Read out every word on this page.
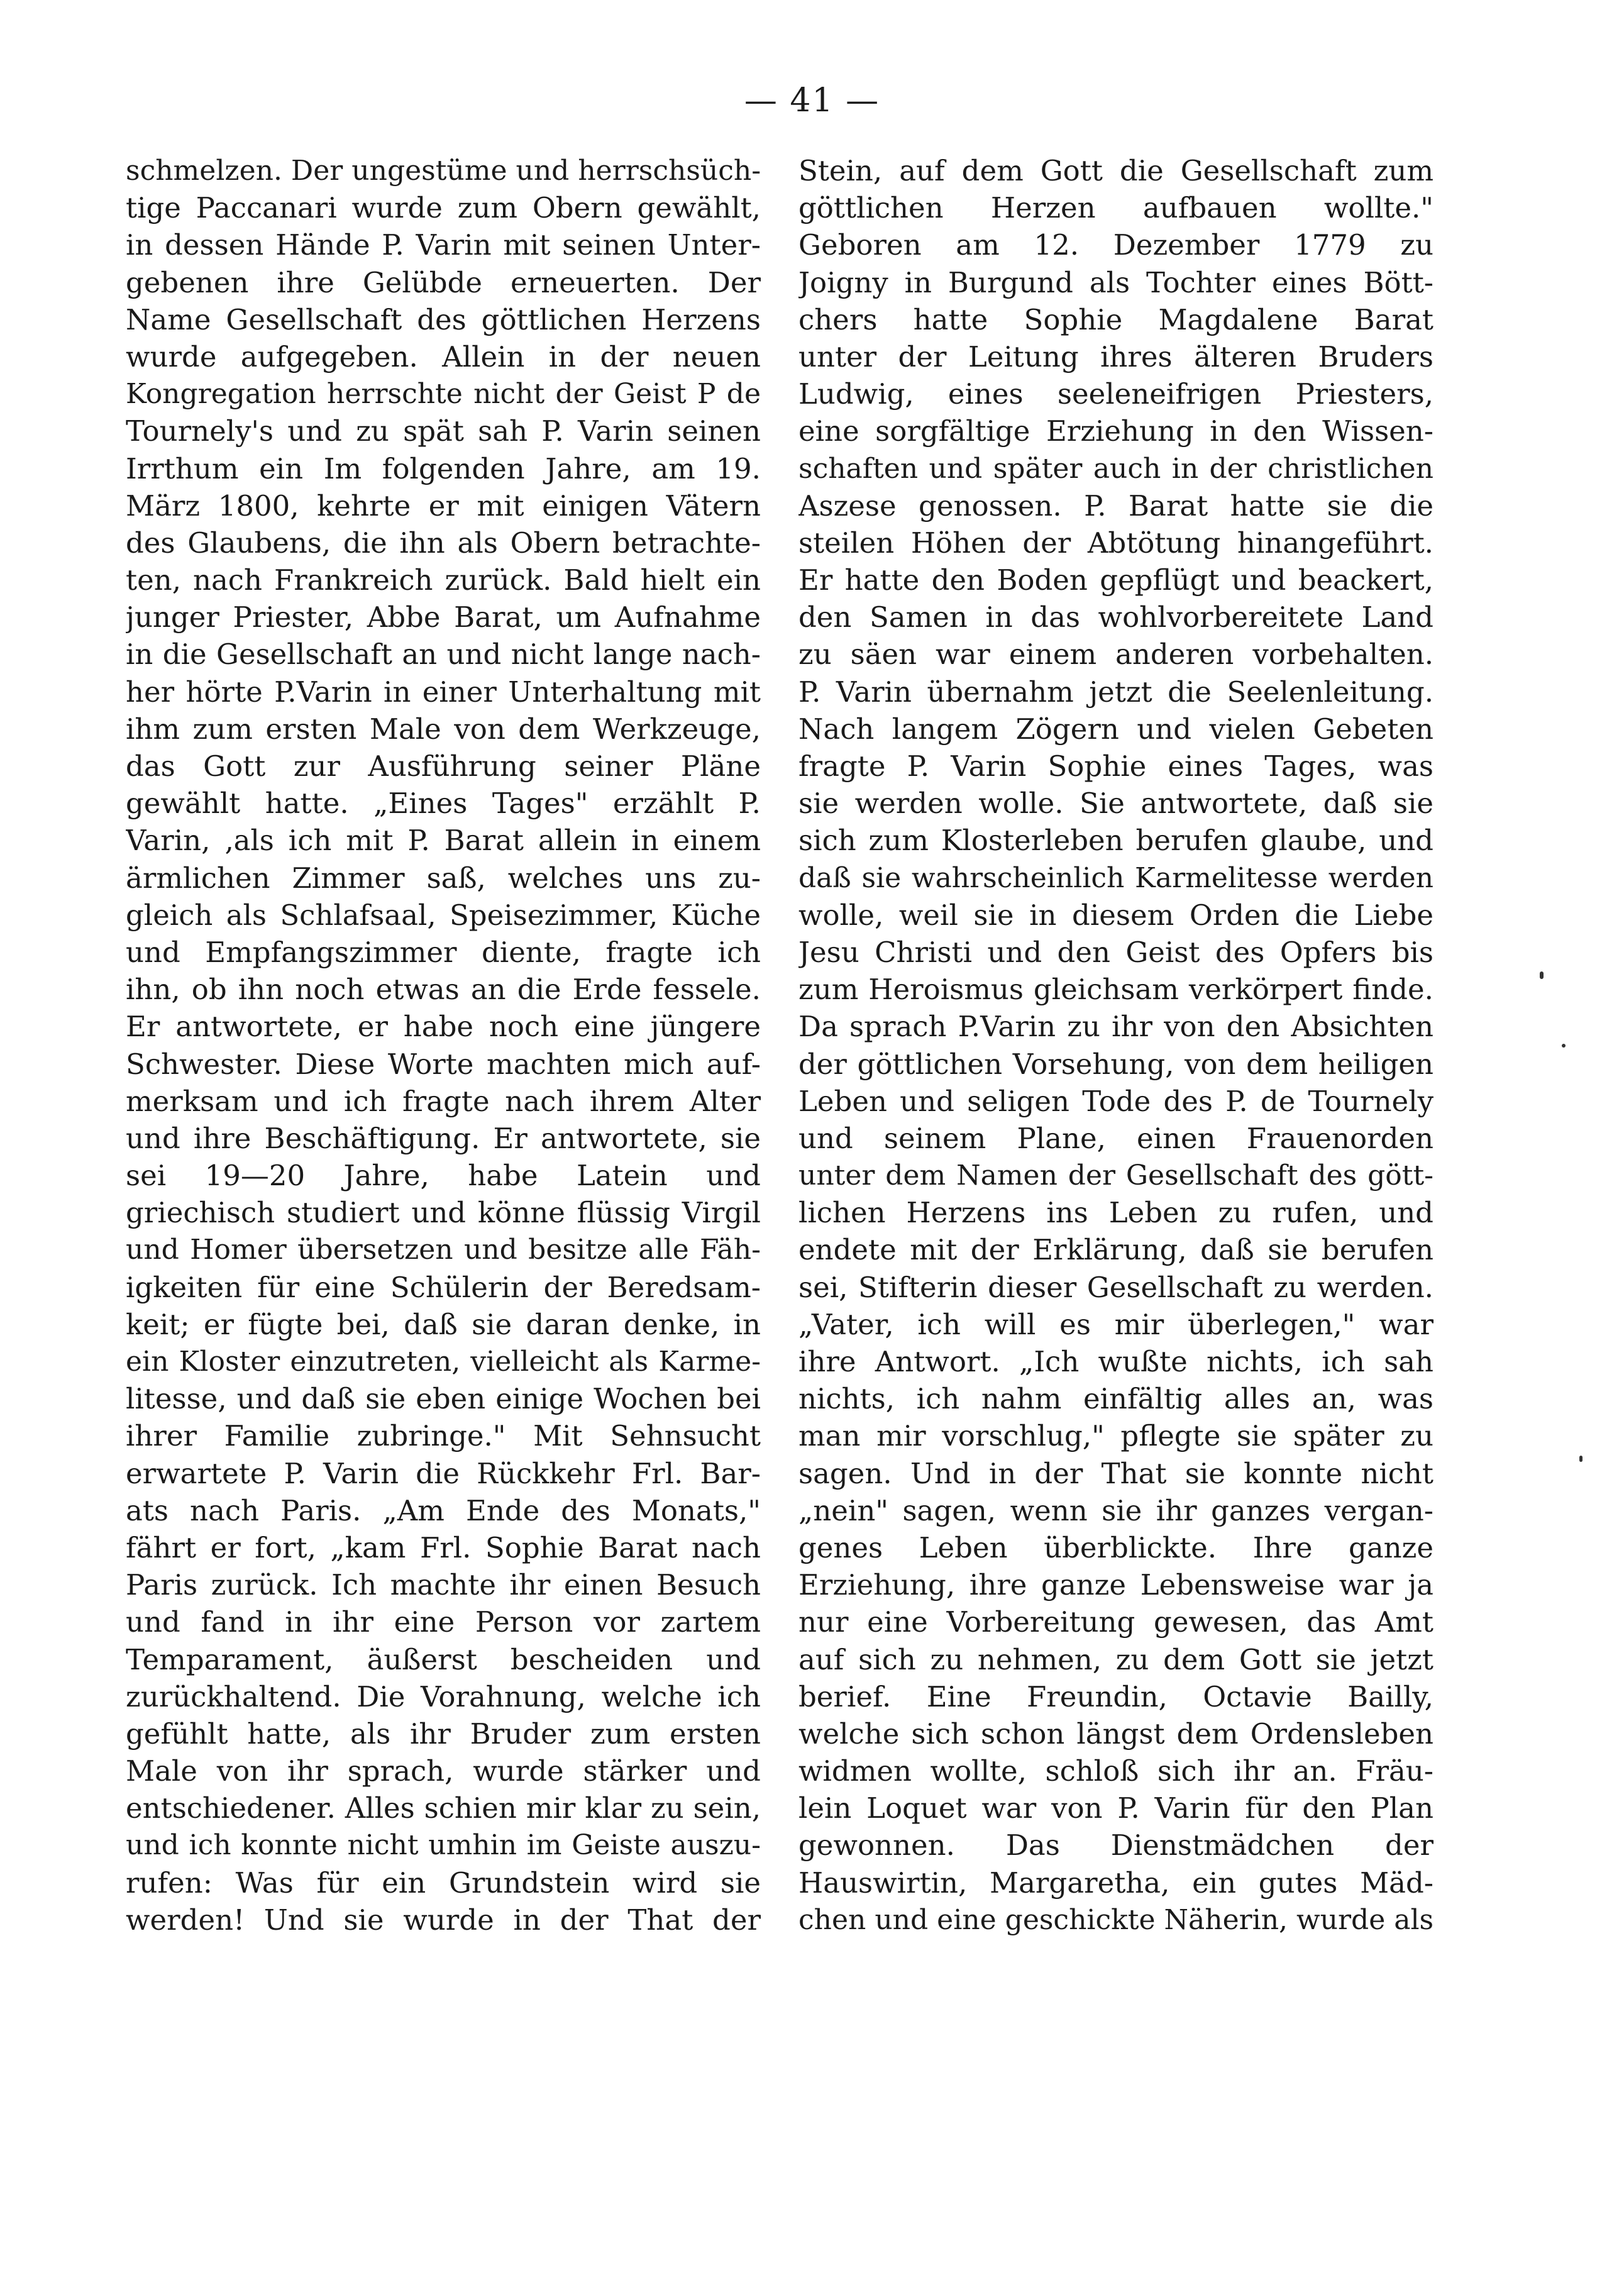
— 41 —
schmelzen. Der ungestüme und herrschsüch-
tige Paccanari wurde zum Obern gewählt,
in dessen Hände P. Varin mit seinen Unter-
gebenen ihre Gelübde erneuerten. Der
Name Gesellschaft des göttlichen Herzens
wurde aufgegeben. Allein in der neuen
Kongregation herrschte nicht der Geist P de
Tournely's und zu spät sah P. Varin seinen
Irrthum ein Im folgenden Jahre, am 19.
März 1800, kehrte er mit einigen Vätern
des Glaubens, die ihn als Obern betrachte-
ten, nach Frankreich zurück. Bald hielt ein
junger Priester, Abbe Barat, um Aufnahme
in die Gesellschaft an und nicht lange nach-
her hörte P.Varin in einer Unterhaltung mit
ihm zum ersten Male von dem Werkzeuge,
das Gott zur Ausführung seiner Pläne
gewählt hatte. „Eines Tages" erzählt P.
Varin, ‚als ich mit P. Barat allein in einem
ärmlichen Zimmer saß, welches uns zu-
gleich als Schlafsaal, Speisezimmer, Küche
und Empfangszimmer diente, fragte ich
ihn, ob ihn noch etwas an die Erde fessele.
Er antwortete, er habe noch eine jüngere
Schwester. Diese Worte machten mich auf-
merksam und ich fragte nach ihrem Alter
und ihre Beschäftigung. Er antwortete, sie
sei 19—20 Jahre, habe Latein und
griechisch studiert und könne flüssig Virgil
und Homer übersetzen und besitze alle Fäh-
igkeiten für eine Schülerin der Beredsam-
keit; er fügte bei, daß sie daran denke, in
ein Kloster einzutreten, vielleicht als Karme-
litesse, und daß sie eben einige Wochen bei
ihrer Familie zubringe." Mit Sehnsucht
erwartete P. Varin die Rückkehr Frl. Bar-
ats nach Paris. „Am Ende des Monats,"
fährt er fort, „kam Frl. Sophie Barat nach
Paris zurück. Ich machte ihr einen Besuch
und fand in ihr eine Person vor zartem
Temparament, äußerst bescheiden und
zurückhaltend. Die Vorahnung, welche ich
gefühlt hatte, als ihr Bruder zum ersten
Male von ihr sprach, wurde stärker und
entschiedener. Alles schien mir klar zu sein,
und ich konnte nicht umhin im Geiste auszu-
rufen: Was für ein Grundstein wird sie
werden! Und sie wurde in der That der
Stein, auf dem Gott die Gesellschaft zum
göttlichen Herzen aufbauen wollte."
Geboren am 12. Dezember 1779 zu
Joigny in Burgund als Tochter eines Bött-
chers hatte Sophie Magdalene Barat
unter der Leitung ihres älteren Bruders
Ludwig, eines seeleneifrigen Priesters,
eine sorgfältige Erziehung in den Wissen-
schaften und später auch in der christlichen
Aszese genossen. P. Barat hatte sie die
steilen Höhen der Abtötung hinangeführt.
Er hatte den Boden gepflügt und beackert,
den Samen in das wohlvorbereitete Land
zu säen war einem anderen vorbehalten.
P. Varin übernahm jetzt die Seelenleitung.
Nach langem Zögern und vielen Gebeten
fragte P. Varin Sophie eines Tages, was
sie werden wolle. Sie antwortete, daß sie
sich zum Klosterleben berufen glaube, und
daß sie wahrscheinlich Karmelitesse werden
wolle, weil sie in diesem Orden die Liebe
Jesu Christi und den Geist des Opfers bis
zum Heroismus gleichsam verkörpert finde.
Da sprach P.Varin zu ihr von den Absichten
der göttlichen Vorsehung, von dem heiligen
Leben und seligen Tode des P. de Tournely
und seinem Plane, einen Frauenorden
unter dem Namen der Gesellschaft des gött-
lichen Herzens ins Leben zu rufen, und
endete mit der Erklärung, daß sie berufen
sei, Stifterin dieser Gesellschaft zu werden.
„Vater, ich will es mir überlegen," war
ihre Antwort. „Ich wußte nichts, ich sah
nichts, ich nahm einfältig alles an, was
man mir vorschlug," pflegte sie später zu
sagen. Und in der That sie konnte nicht
„nein" sagen, wenn sie ihr ganzes vergan-
genes Leben überblickte. Ihre ganze
Erziehung, ihre ganze Lebensweise war ja
nur eine Vorbereitung gewesen, das Amt
auf sich zu nehmen, zu dem Gott sie jetzt
berief. Eine Freundin, Octavie Bailly,
welche sich schon längst dem Ordensleben
widmen wollte, schloß sich ihr an. Fräu-
lein Loquet war von P. Varin für den Plan
gewonnen. Das Dienstmädchen der
Hauswirtin, Margaretha, ein gutes Mäd-
chen und eine geschickte Näherin, wurde als
